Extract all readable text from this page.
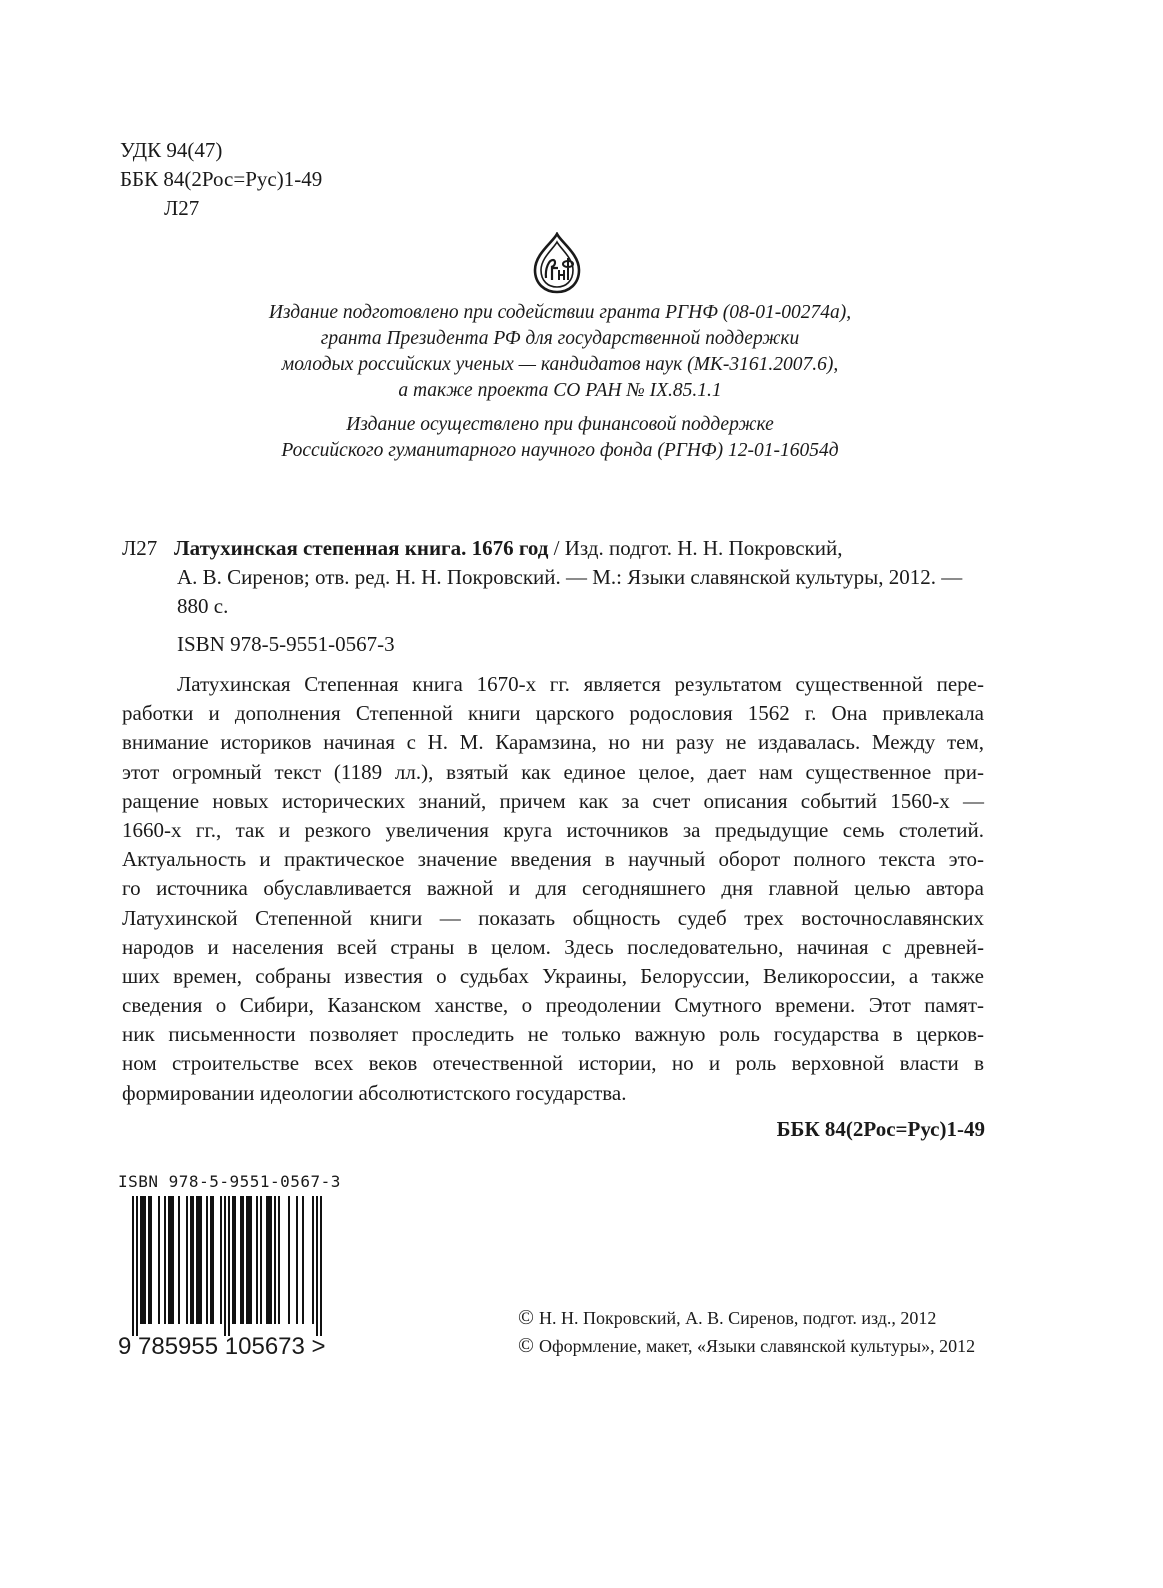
УДК 94(47)
ББК 84(2Рос=Рус)1-49
Л27
Издание подготовлено при содействии гранта РГНФ (08-01-00274а),
гранта Президента РФ для государственной поддержки
молодых российских ученых — кандидатов наук (МК-3161.2007.6),
а также проекта СО РАН № IX.85.1.1
Издание осуществлено при финансовой поддержке
Российского гуманитарного научного фонда (РГНФ) 12-01-16054д
Л27 Латухинская степенная книга. 1676 год / Изд. подгот. Н. Н. Покровский,
А. В. Сиренов; отв. ред. Н. Н. Покровский. — М.: Языки славянской культуры, 2012. —
880 с.
ISBN 978-5-9551-0567-3
Латухинская Степенная книга 1670-х гг. является результатом существенной пере-
работки и дополнения Степенной книги царского родословия 1562 г. Она привлекала
внимание историков начиная с Н. М. Карамзина, но ни разу не издавалась. Между тем,
этот огромный текст (1189 лл.), взятый как единое целое, дает нам существенное при-
ращение новых исторических знаний, причем как за счет описания событий 1560-х —
1660-х гг., так и резкого увеличения круга источников за предыдущие семь столетий.
Актуальность и практическое значение введения в научный оборот полного текста это-
го источника обуславливается важной и для сегодняшнего дня главной целью автора
Латухинской Степенной книги — показать общность судеб трех восточнославянских
народов и населения всей страны в целом. Здесь последовательно, начиная с древней-
ших времен, собраны известия о судьбах Украины, Белоруссии, Великороссии, а также
сведения о Сибири, Казанском ханстве, о преодолении Смутного времени. Этот памят-
ник письменности позволяет проследить не только важную роль государства в церков-
ном строительстве всех веков отечественной истории, но и роль верховной власти в
формировании идеологии абсолютистского государства.
ББК 84(2Рос=Рус)1-49
ISBN 978-5-9551-0567-3
9 785955 105673 >
© Н. Н. Покровский, А. В. Сиренов, подгот. изд., 2012
© Оформление, макет, «Языки славянской культуры», 2012
